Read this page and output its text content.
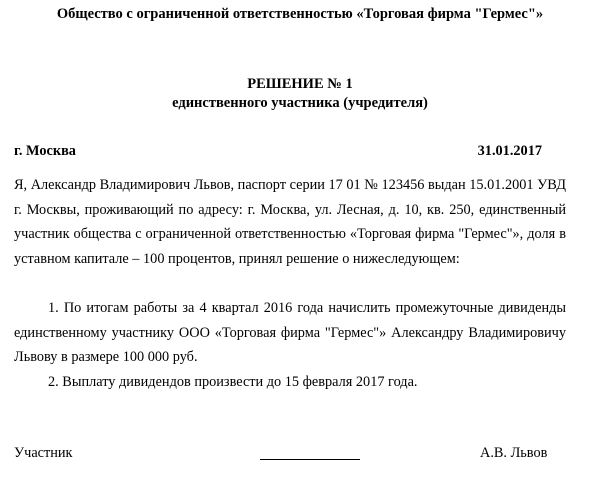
Общество с ограниченной ответственностью «Торговая фирма "Гермес"»
РЕШЕНИЕ № 1
единственного участника (учредителя)
г. Москва	31.01.2017
Я, Александр Владимирович Львов, паспорт серии 17 01 № 123456 выдан 15.01.2001 УВД г. Москвы, проживающий по адресу: г. Москва, ул. Лесная, д. 10, кв. 250, единственный участник общества с ограниченной ответственностью «Торговая фирма "Гермес"», доля в уставном капитале – 100 процентов, принял решение о нижеследующем:
1. По итогам работы за 4 квартал 2016 года начислить промежуточные дивиденды единственному участнику ООО «Торговая фирма "Гермес"» Александру Владимировичу Львову в размере 100 000 руб.
2. Выплату дивидендов произвести до 15 февраля 2017 года.
Участник	А.В. Львов
